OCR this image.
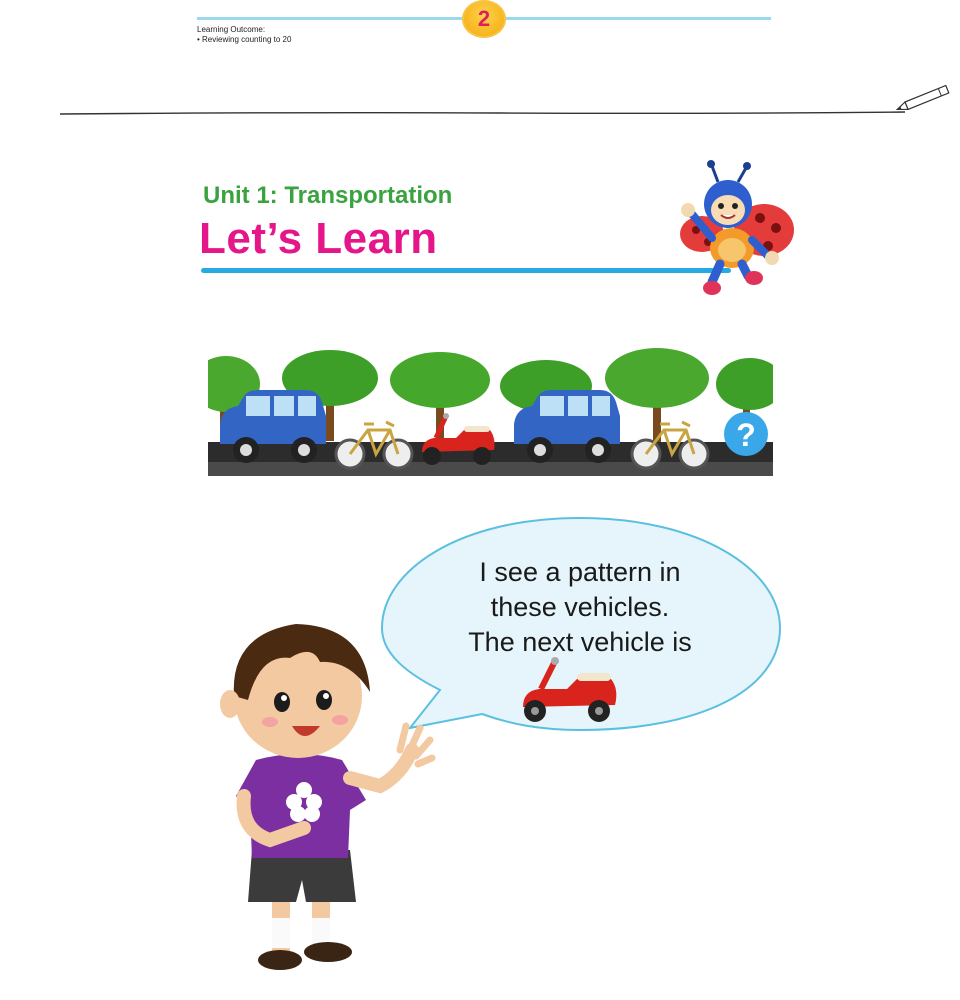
2
Learning Outcome:
• Reviewing counting to 20
Unit 1: Transportation
Let’s Learn
?
I see a pattern in
these vehicles.
The next vehicle is
